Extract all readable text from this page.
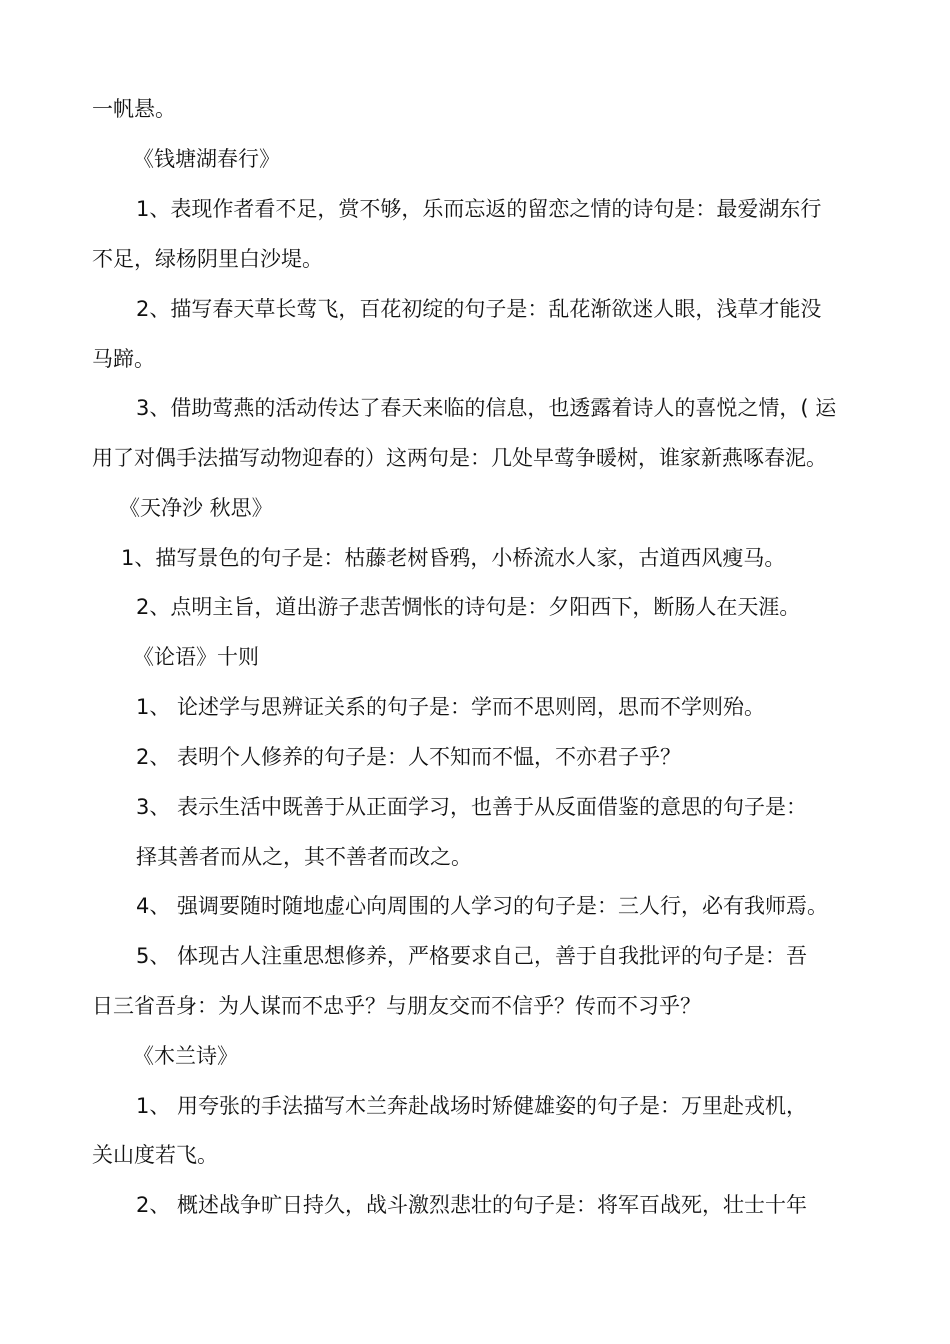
一帆悬。
《钱塘湖春行》
1、表现作者看不足，赏不够，乐而忘返的留恋之情的诗句是：最爱湖东行
不足，绿杨阴里白沙堤。
2、描写春天草长莺飞，百花初绽的句子是：乱花渐欲迷人眼，浅草才能没
马蹄。
3、借助莺燕的活动传达了春天来临的信息，也透露着诗人的喜悦之情，( 运
用了对偶手法描写动物迎春的）这两句是：几处早莺争暖树，谁家新燕啄春泥。
《天净沙 秋思》
1、描写景色的句子是：枯藤老树昏鸦，小桥流水人家，古道西风瘦马。
2、点明主旨，道出游子悲苦惆怅的诗句是：夕阳西下，断肠人在天涯。
《论语》十则
1、 论述学与思辨证关系的句子是：学而不思则罔，思而不学则殆。
2、 表明个人修养的句子是：人不知而不愠，不亦君子乎？
3、 表示生活中既善于从正面学习，也善于从反面借鉴的意思的句子是：
择其善者而从之，其不善者而改之。
4、 强调要随时随地虚心向周围的人学习的句子是：三人行，必有我师焉。
5、 体现古人注重思想修养，严格要求自己，善于自我批评的句子是：吾
日三省吾身：为人谋而不忠乎？与朋友交而不信乎？传而不习乎？
《木兰诗》
1、 用夸张的手法描写木兰奔赴战场时矫健雄姿的句子是：万里赴戎机，
关山度若飞。
2、 概述战争旷日持久，战斗激烈悲壮的句子是：将军百战死，壮士十年
